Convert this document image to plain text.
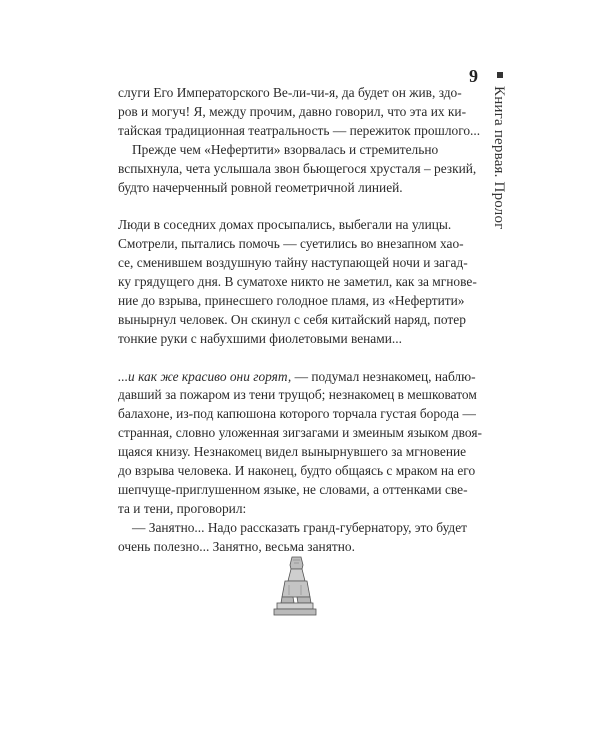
9
Книга первая. Пролог
слуги Его Императорского Ве-ли-чи-я, да будет он жив, здо-
ров и могуч! Я, между прочим, давно говорил, что эта их ки-
тайская традиционная театральность — пережиток прошлого...
Прежде чем «Нефертити» взорвалась и стремительно
вспыхнула, чета услышала звон бьющегося хрусталя – резкий,
будто начерченный ровной геометричной линией.
Люди в соседних домах просыпались, выбегали на улицы.
Смотрели, пытались помочь — суетились во внезапном хао-
се, сменившем воздушную тайну наступающей ночи и загад-
ку грядущего дня. В суматохе никто не заметил, как за мгнове-
ние до взрыва, принесшего голодное пламя, из «Нефертити»
вынырнул человек. Он скинул с себя китайский наряд, потер
тонкие руки с набухшими фиолетовыми венами...
...и как же красиво они горят, — подумал незнакомец, наблю-
давший за пожаром из тени трущоб; незнакомец в мешковатом
балахоне, из-под капюшона которого торчала густая борода —
странная, словно уложенная зигзагами и змеиным языком двоя-
щаяся книзу. Незнакомец видел вынырнувшего за мгновение
до взрыва человека. И наконец, будто общаясь с мраком на его
шепчуще-приглушенном языке, не словами, а оттенками све-
та и тени, проговорил:
— Занятно... Надо рассказать гранд-губернатору, это будет
очень полезно... Занятно, весьма занятно.
